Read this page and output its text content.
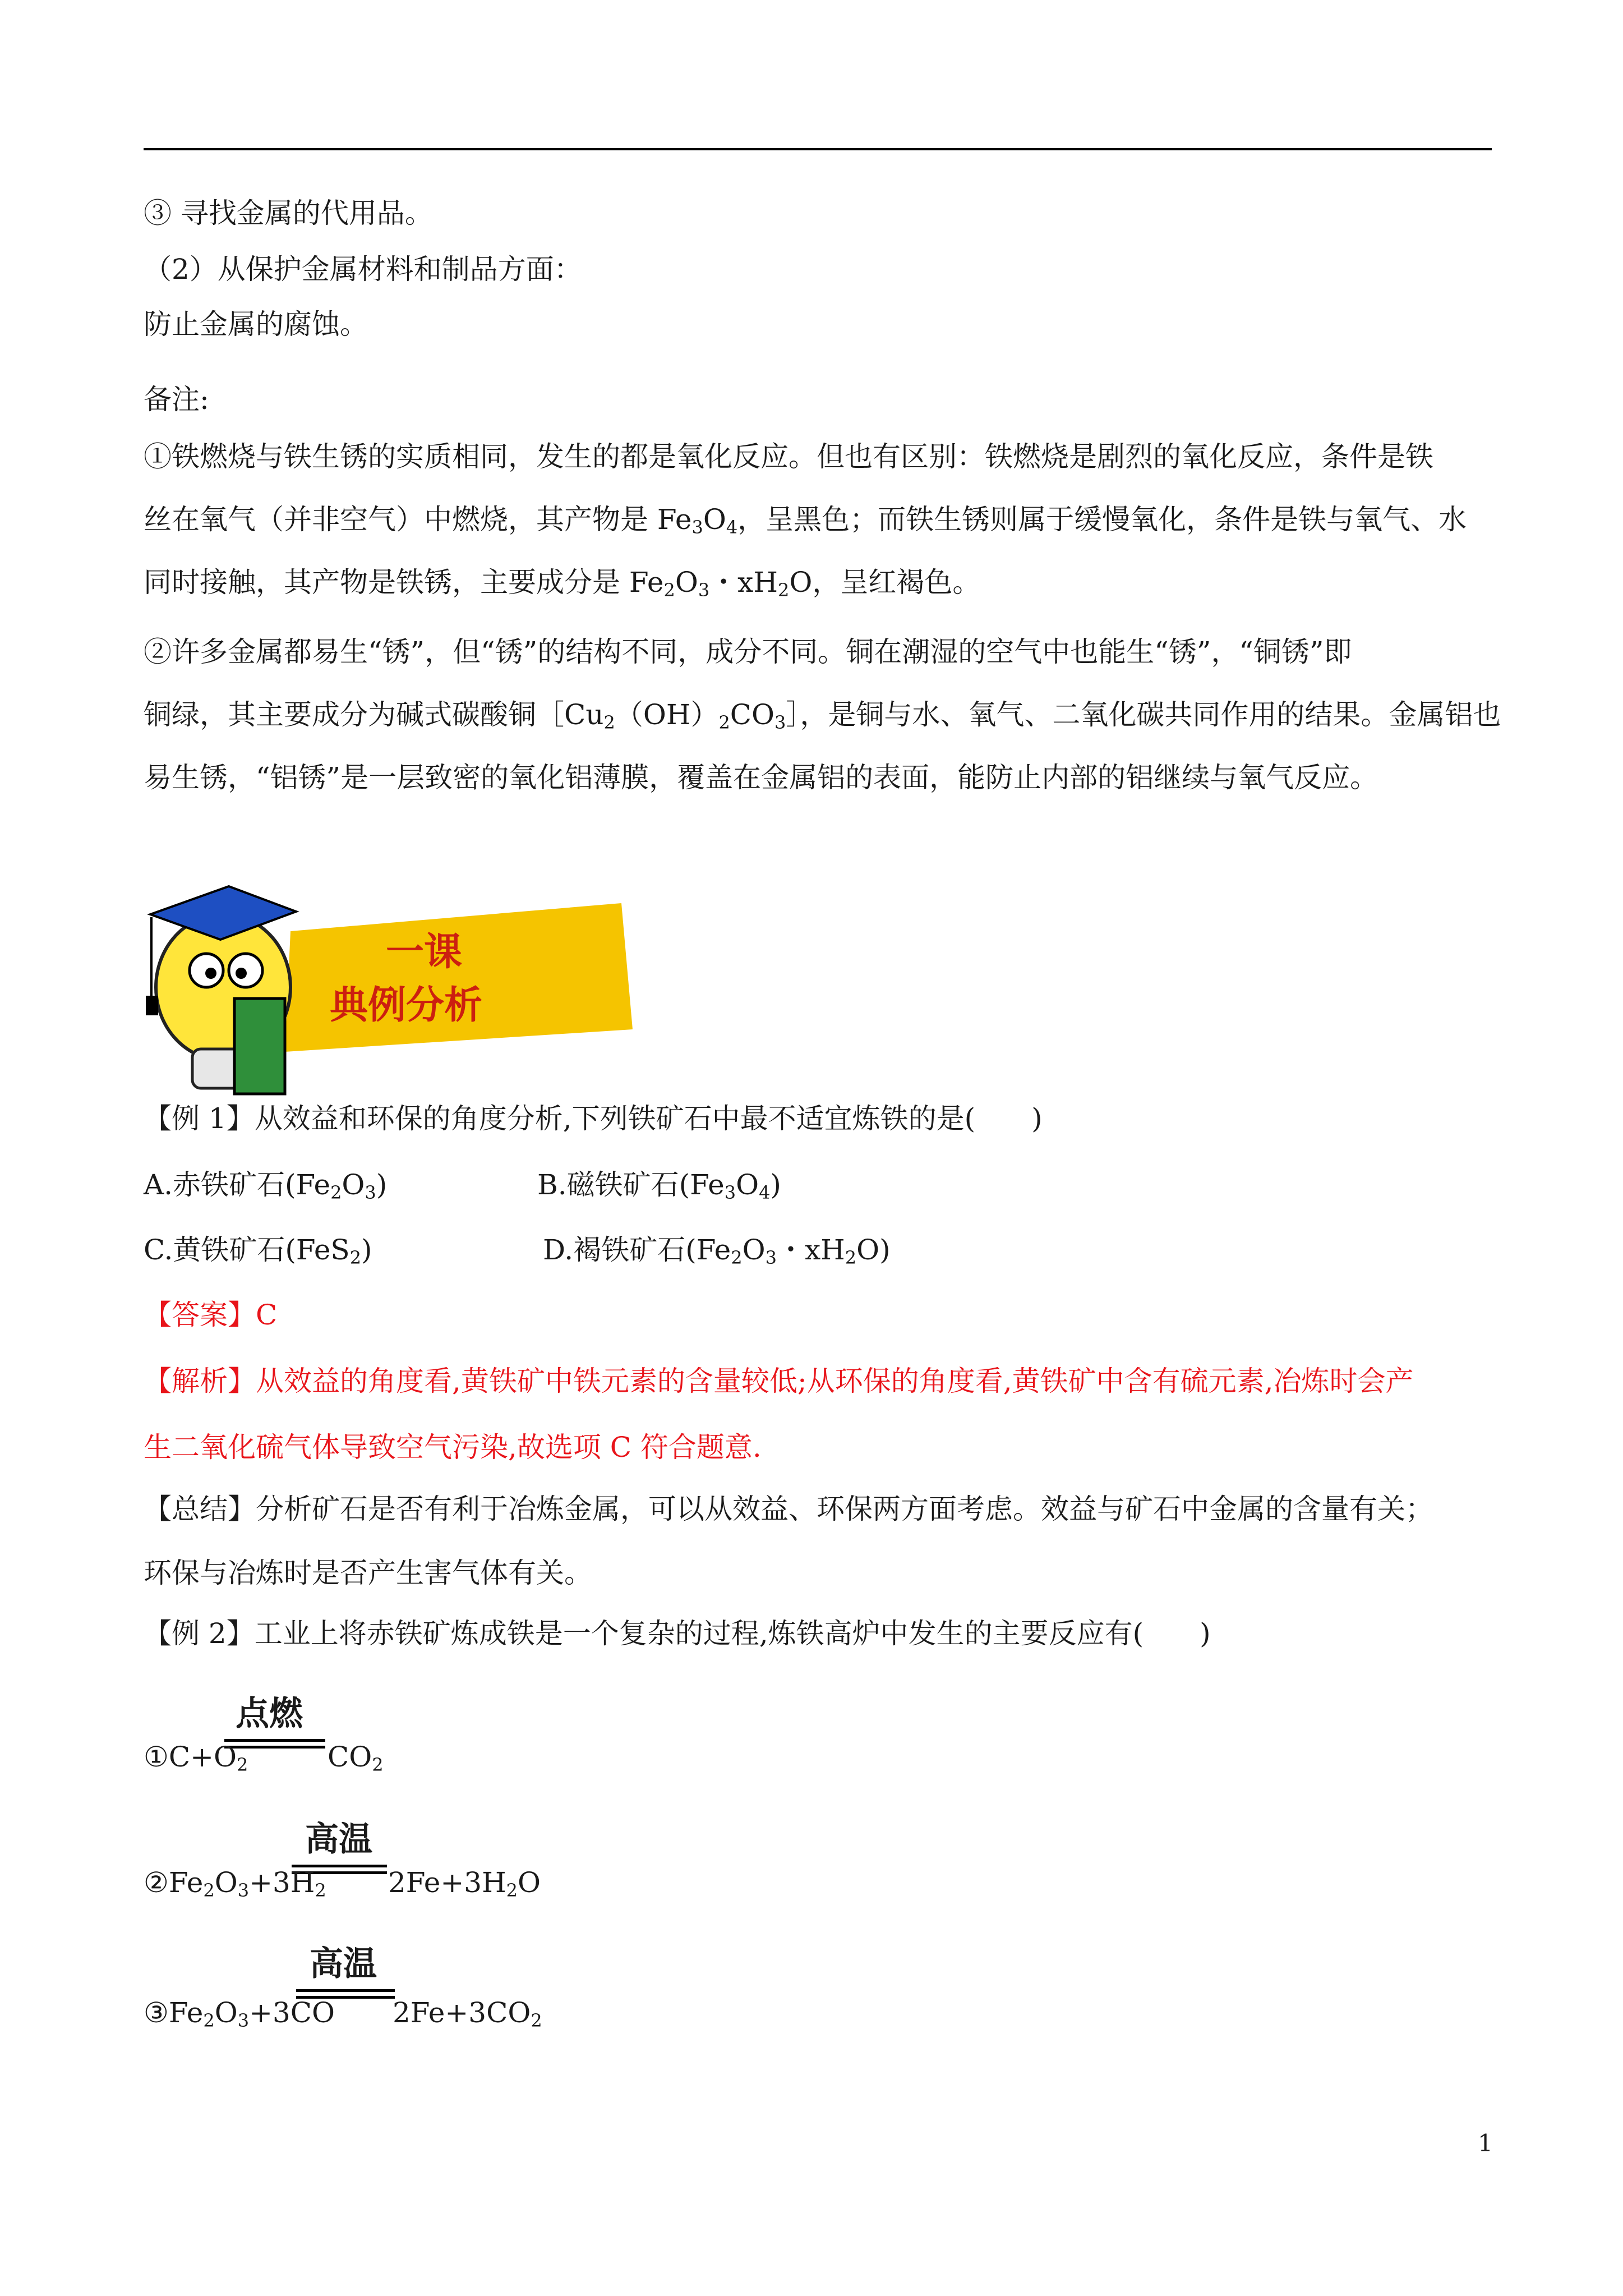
③ 寻找金属的代用品。
（2）从保护金属材料和制品方面：
防止金属的腐蚀。
备注:
①铁燃烧与铁生锈的实质相同，发生的都是氧化反应。但也有区别：铁燃烧是剧烈的氧化反应，条件是铁
丝在氧气（并非空气）中燃烧，其产物是 $Fe_3O_4$，呈黑色；而铁生锈则属于缓慢氧化，条件是铁与氧气、水
同时接触，其产物是铁锈，主要成分是 $Fe_2O_3$・$xH_2O$，呈红褐色。
②许多金属都易生“锈”，但“锈”的结构不同，成分不同。铜在潮湿的空气中也能生“锈”，“铜锈”即
铜绿，其主要成分为碱式碳酸铜$[Cu_2(OH)_2CO_3]$，是铜与水、氧气、二氧化碳共同作用的结果。金属铝也
易生锈，“铝锈”是一层致密的氧化铝薄膜，覆盖在金属铝的表面，能防止内部的铝继续与氧气反应。
一课
典例分析
【例 1】从效益和环保的角度分析,下列铁矿石中最不适宜炼铁的是(　　)
A.赤铁矿石$(Fe_2O_3)$	B.磁铁矿石$(Fe_3O_4)$
C.黄铁矿石(FeS$_2$)	D.褐铁矿石($Fe_2O_3$・$xH_2O$)
【答案】C
【解析】从效益的角度看,黄铁矿中铁元素的含量较低;从环保的角度看,黄铁矿中含有硫元素,冶炼时会产
生二氧化硫气体导致空气污染,故选项 C 符合题意.
【总结】分析矿石是否有利于冶炼金属，可以从效益、环保两方面考虑。效益与矿石中金属的含量有关；
环保与冶炼时是否产生害气体有关。
【例 2】工业上将赤铁矿炼成铁是一个复杂的过程,炼铁高炉中发生的主要反应有(　　)
点燃
$①C+O_2$	$CO_2$
高温
$②Fe_2O_3+3H_2$	$2Fe+3H_2O$
高温
$③Fe_2O_3+3CO$	$2Fe+3CO_2$
1
